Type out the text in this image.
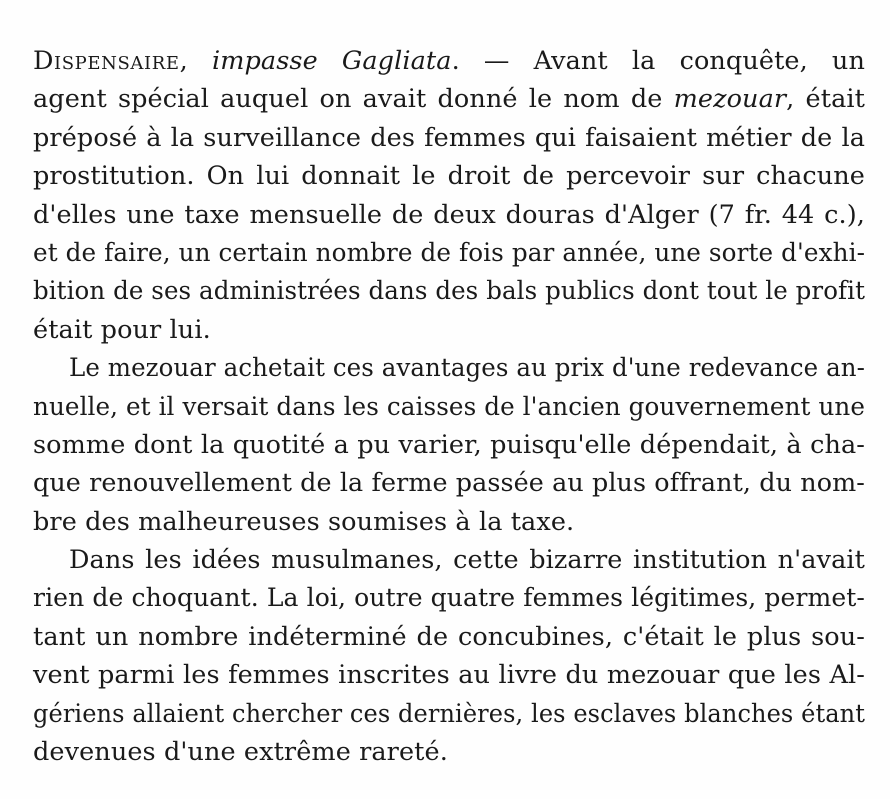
Dispensaire, impasse Gagliata. — Avant la conquête, un
agent spécial auquel on avait donné le nom de mezouar, était
préposé à la surveillance des femmes qui faisaient métier de la
prostitution. On lui donnait le droit de percevoir sur chacune
d'elles une taxe mensuelle de deux douras d'Alger (7 fr. 44 c.),
et de faire, un certain nombre de fois par année, une sorte d'exhi-
bition de ses administrées dans des bals publics dont tout le profit
était pour lui.
Le mezouar achetait ces avantages au prix d'une redevance an-
nuelle, et il versait dans les caisses de l'ancien gouvernement une
somme dont la quotité a pu varier, puisqu'elle dépendait, à cha-
que renouvellement de la ferme passée au plus offrant, du nom-
bre des malheureuses soumises à la taxe.
Dans les idées musulmanes, cette bizarre institution n'avait
rien de choquant. La loi, outre quatre femmes légitimes, permet-
tant un nombre indéterminé de concubines, c'était le plus sou-
vent parmi les femmes inscrites au livre du mezouar que les Al-
gériens allaient chercher ces dernières, les esclaves blanches étant
devenues d'une extrême rareté.
